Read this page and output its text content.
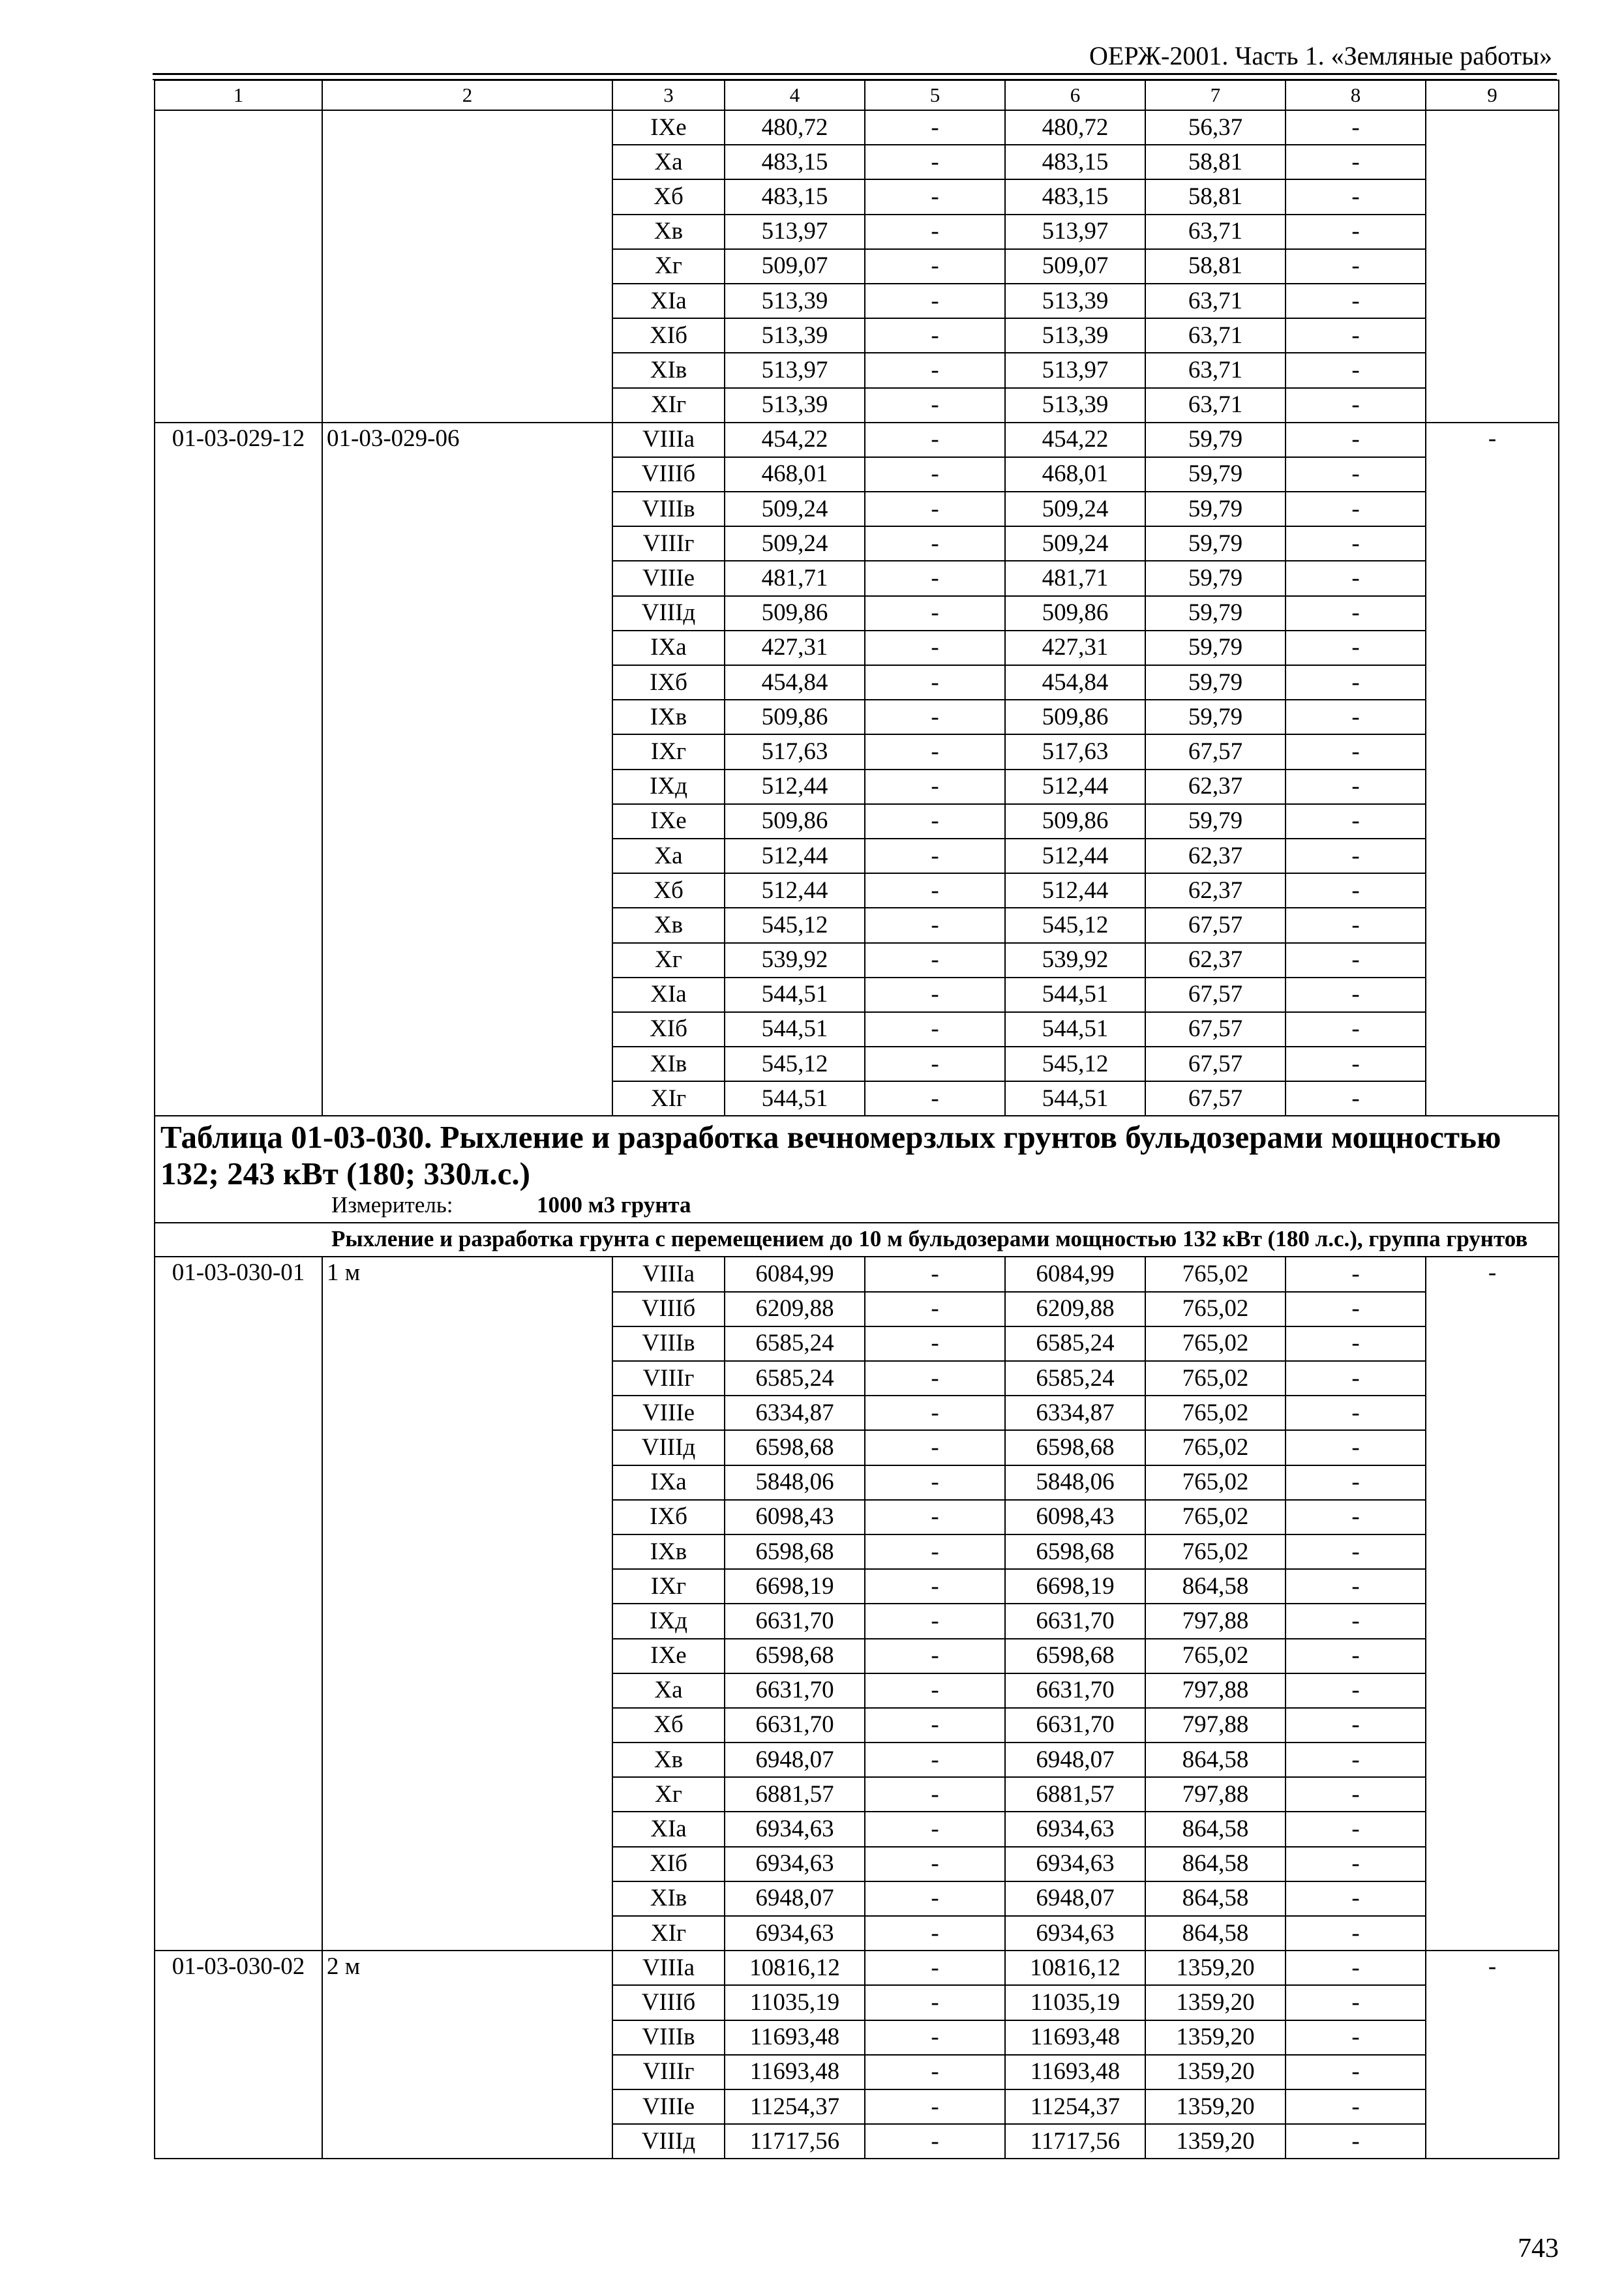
ОЕРЖ-2001. Часть 1. «Земляные работы»
1	2	3	4	5	6	7	8	9
		IXе	480,72	-	480,72	56,37	-	
		Xа	483,15	-	483,15	58,81	-	
		Xб	483,15	-	483,15	58,81	-	
		Xв	513,97	-	513,97	63,71	-	
		Xг	509,07	-	509,07	58,81	-	
		XIа	513,39	-	513,39	63,71	-	
		XIб	513,39	-	513,39	63,71	-	
		XIв	513,97	-	513,97	63,71	-	
		XIг	513,39	-	513,39	63,71	-	
01-03-029-12	01-03-029-06	VIIIа	454,22	-	454,22	59,79	-	-
		VIIIб	468,01	-	468,01	59,79	-	
		VIIIв	509,24	-	509,24	59,79	-	
		VIIIг	509,24	-	509,24	59,79	-	
		VIIIе	481,71	-	481,71	59,79	-	
		VIIIд	509,86	-	509,86	59,79	-	
		IXа	427,31	-	427,31	59,79	-	
		IXб	454,84	-	454,84	59,79	-	
		IXв	509,86	-	509,86	59,79	-	
		IXг	517,63	-	517,63	67,57	-	
		IXд	512,44	-	512,44	62,37	-	
		IXе	509,86	-	509,86	59,79	-	
		Xа	512,44	-	512,44	62,37	-	
		Xб	512,44	-	512,44	62,37	-	
		Xв	545,12	-	545,12	67,57	-	
		Xг	539,92	-	539,92	62,37	-	
		XIа	544,51	-	544,51	67,57	-	
		XIб	544,51	-	544,51	67,57	-	
		XIв	545,12	-	545,12	67,57	-	
		XIг	544,51	-	544,51	67,57	-	

Таблица 01-03-030. Рыхление и разработка вечномерзлых грунтов бульдозерами мощностью 132; 243 кВт (180; 330л.с.)
Измеритель: 1000 м3 грунта								

Рыхление и разработка грунта с перемещением до 10 м бульдозерами мощностью 132 кВт (180 л.с.), группа грунтов								

01-03-030-01	1 м	VIIIа	6084,99	-	6084,99	765,02	-	-
		VIIIб	6209,88	-	6209,88	765,02	-	
		VIIIв	6585,24	-	6585,24	765,02	-	
		VIIIг	6585,24	-	6585,24	765,02	-	
		VIIIе	6334,87	-	6334,87	765,02	-	
		VIIIд	6598,68	-	6598,68	765,02	-	
		IXа	5848,06	-	5848,06	765,02	-	
		IXб	6098,43	-	6098,43	765,02	-	
		IXв	6598,68	-	6598,68	765,02	-	
		IXг	6698,19	-	6698,19	864,58	-	
		IXд	6631,70	-	6631,70	797,88	-	
		IXе	6598,68	-	6598,68	765,02	-	
		Xа	6631,70	-	6631,70	797,88	-	
		Xб	6631,70	-	6631,70	797,88	-	
		Xв	6948,07	-	6948,07	864,58	-	
		Xг	6881,57	-	6881,57	797,88	-	
		XIа	6934,63	-	6934,63	864,58	-	
		XIб	6934,63	-	6934,63	864,58	-	
		XIв	6948,07	-	6948,07	864,58	-	
		XIг	6934,63	-	6934,63	864,58	-	
01-03-030-02	2 м	VIIIа	10816,12	-	10816,12	1359,20	-	-
		VIIIб	11035,19	-	11035,19	1359,20	-	
		VIIIв	11693,48	-	11693,48	1359,20	-	
		VIIIг	11693,48	-	11693,48	1359,20	-	
		VIIIе	11254,37	-	11254,37	1359,20	-	
		VIIIд	11717,56	-	11717,56	1359,20	-	
743
